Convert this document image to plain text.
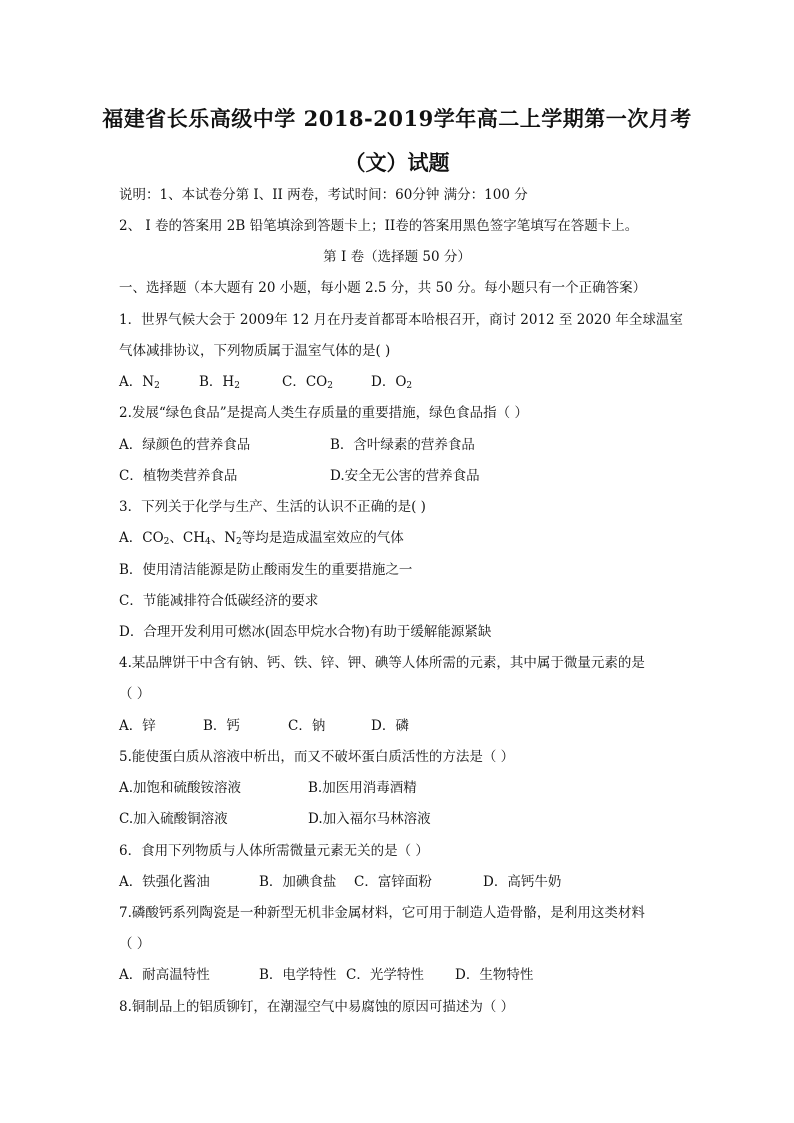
福建省长乐高级中学 2018-2019学年高二上学期第一次月考
（文）试题
说明：1、本试卷分第 I、II 两卷，考试时间：60分钟 满分：100 分
2、 I 卷的答案用 2B 铅笔填涂到答题卡上；II卷的答案用黑色签字笔填写在答题卡上。
第 I 卷（选择题 50 分）
一、选择题（本大题有 20 小题，每小题 2.5 分，共 50 分。每小题只有一个正确答案）
1．世界气候大会于 2009年 12 月在丹麦首都哥本哈根召开，商讨 2012 至 2020 年全球温室
气体减排协议，下列物质属于温室气体的是( )
A．$N_2$	B．$H_2$	C．$CO_2$	D．$O_2$
2.发展“绿色食品”是提高人类生存质量的重要措施，绿色食品指（ ）
A．绿颜色的营养食品	B．含叶绿素的营养食品
C．植物类营养食品	D.安全无公害的营养食品
3．下列关于化学与生产、生活的认识不正确的是( )
A．$CO_2$、$CH_4$、$N_2$等均是造成温室效应的气体
B．使用清洁能源是防止酸雨发生的重要措施之一
C．节能减排符合低碳经济的要求
D．合理开发利用可燃冰(固态甲烷水合物)有助于缓解能源紧缺
4.某品牌饼干中含有钠、钙、铁、锌、钾、碘等人体所需的元素，其中属于微量元素的是
（ ）
A．锌	B．钙	C．钠	D．磷
5.能使蛋白质从溶液中析出，而又不破坏蛋白质活性的方法是（ ）
A.加饱和硫酸铵溶液	B.加医用消毒酒精
C.加入硫酸铜溶液	D.加入福尔马林溶液
6．食用下列物质与人体所需微量元素无关的是（ ）
A．铁强化酱油	B．加碘食盐 C．富锌面粉	D．高钙牛奶
7.磷酸钙系列陶瓷是一种新型无机非金属材料，它可用于制造人造骨骼，是利用这类材料
（ ）
A．耐高温特性	B．电学特性 C．光学特性 D．生物特性
8.铜制品上的铝质铆钉，在潮湿空气中易腐蚀的原因可描述为（ ）
